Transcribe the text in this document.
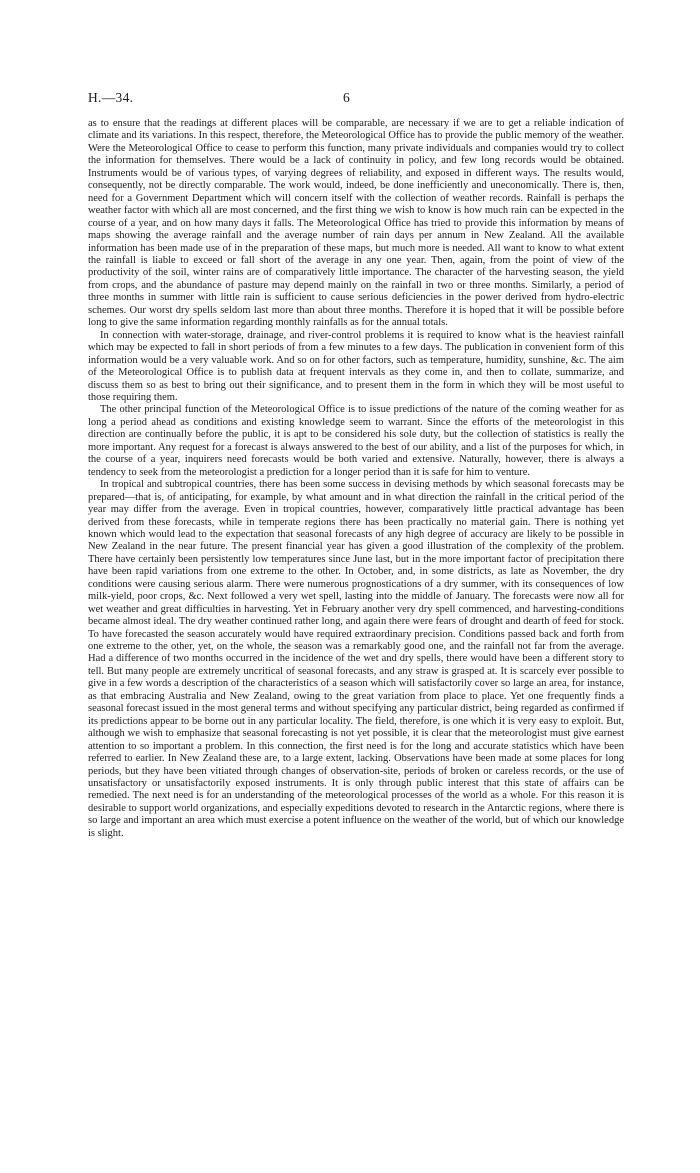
H.—34.	6

as to ensure that the readings at different places will be comparable, are necessary if we are to get a reliable indication of climate and its variations. In this respect, therefore, the Meteorological Office has to provide the public memory of the weather. Were the Meteorological Office to cease to perform this function, many private individuals and companies would try to collect the information for themselves. There would be a lack of continuity in policy, and few long records would be obtained. Instruments would be of various types, of varying degrees of reliability, and exposed in different ways. The results would, consequently, not be directly comparable. The work would, indeed, be done inefficiently and uneconomically. There is, then, need for a Government Department which will concern itself with the collection of weather records. Rainfall is perhaps the weather factor with which all are most concerned, and the first thing we wish to know is how much rain can be expected in the course of a year, and on how many days it falls. The Meteorological Office has tried to provide this information by means of maps showing the average rainfall and the average number of rain days per annum in New Zealand. All the available information has been made use of in the preparation of these maps, but much more is needed. All want to know to what extent the rainfall is liable to exceed or fall short of the average in any one year. Then, again, from the point of view of the productivity of the soil, winter rains are of comparatively little importance. The character of the harvesting season, the yield from crops, and the abundance of pasture may depend mainly on the rainfall in two or three months. Similarly, a period of three months in summer with little rain is sufficient to cause serious deficiencies in the power derived from hydro-electric schemes. Our worst dry spells seldom last more than about three months. Therefore it is hoped that it will be possible before long to give the same information regarding monthly rainfalls as for the annual totals.

In connection with water-storage, drainage, and river-control problems it is required to know what is the heaviest rainfall which may be expected to fall in short periods of from a few minutes to a few days. The publication in convenient form of this information would be a very valuable work. And so on for other factors, such as temperature, humidity, sunshine, &c. The aim of the Meteorological Office is to publish data at frequent intervals as they come in, and then to collate, summarize, and discuss them so as best to bring out their significance, and to present them in the form in which they will be most useful to those requiring them.

The other principal function of the Meteorological Office is to issue predictions of the nature of the coming weather for as long a period ahead as conditions and existing knowledge seem to warrant. Since the efforts of the meteorologist in this direction are continually before the public, it is apt to be considered his sole duty, but the collection of statistics is really the more important. Any request for a forecast is always answered to the best of our ability, and a list of the purposes for which, in the course of a year, inquirers need forecasts would be both varied and extensive. Naturally, however, there is always a tendency to seek from the meteorologist a prediction for a longer period than it is safe for him to venture.

In tropical and subtropical countries, there has been some success in devising methods by which seasonal forecasts may be prepared—that is, of anticipating, for example, by what amount and in what direction the rainfall in the critical period of the year may differ from the average. Even in tropical countries, however, comparatively little practical advantage has been derived from these forecasts, while in temperate regions there has been practically no material gain. There is nothing yet known which would lead to the expectation that seasonal forecasts of any high degree of accuracy are likely to be possible in New Zealand in the near future. The present financial year has given a good illustration of the complexity of the problem. There have certainly been persistently low temperatures since June last, but in the more important factor of precipitation there have been rapid variations from one extreme to the other. In October, and, in some districts, as late as November, the dry conditions were causing serious alarm. There were numerous prognostications of a dry summer, with its consequences of low milk-yield, poor crops, &c. Next followed a very wet spell, lasting into the middle of January. The forecasts were now all for wet weather and great difficulties in harvesting. Yet in February another very dry spell commenced, and harvesting-conditions became almost ideal. The dry weather continued rather long, and again there were fears of drought and dearth of feed for stock. To have forecasted the season accurately would have required extraordinary precision. Conditions passed back and forth from one extreme to the other, yet, on the whole, the season was a remarkably good one, and the rainfall not far from the average. Had a difference of two months occurred in the incidence of the wet and dry spells, there would have been a different story to tell. But many people are extremely uncritical of seasonal forecasts, and any straw is grasped at. It is scarcely ever possible to give in a few words a description of the characteristics of a season which will satisfactorily cover so large an area, for instance, as that embracing Australia and New Zealand, owing to the great variation from place to place. Yet one frequently finds a seasonal forecast issued in the most general terms and without specifying any particular district, being regarded as confirmed if its predictions appear to be borne out in any particular locality. The field, therefore, is one which it is very easy to exploit. But, although we wish to emphasize that seasonal forecasting is not yet possible, it is clear that the meteorologist must give earnest attention to so important a problem. In this connection, the first need is for the long and accurate statistics which have been referred to earlier. In New Zealand these are, to a large extent, lacking. Observations have been made at some places for long periods, but they have been vitiated through changes of observation-site, periods of broken or careless records, or the use of unsatisfactory or unsatisfactorily exposed instruments. It is only through public interest that this state of affairs can be remedied. The next need is for an understanding of the meteorological processes of the world as a whole. For this reason it is desirable to support world organizations, and especially expeditions devoted to research in the Antarctic regions, where there is so large and important an area which must exercise a potent influence on the weather of the world, but of which our knowledge is slight.
